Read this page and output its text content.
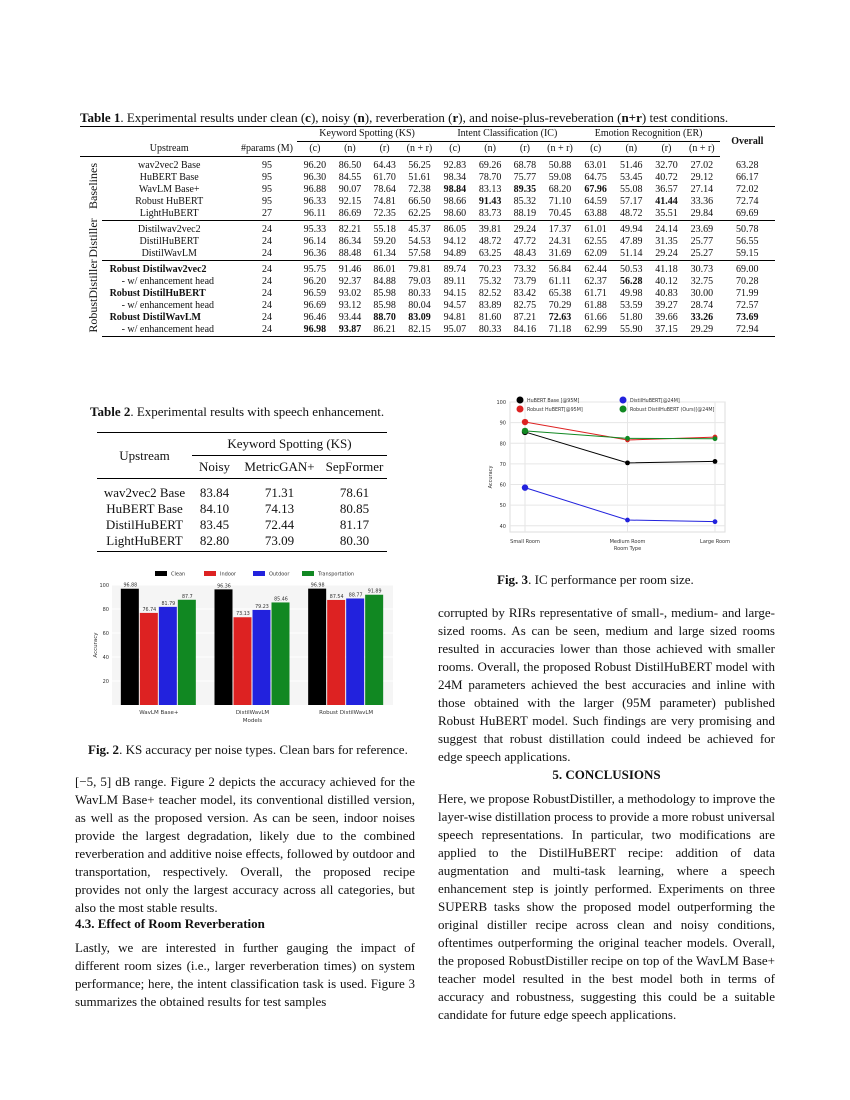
Table 1. Experimental results under clean (c), noisy (n), reverberation (r), and noise-plus-reveberation (n+r) test conditions.
			Keyword Spotting (KS)				Intent Classification (IC)				Emotion Recognition (ER)				Overall
	Upstream	#params (M)	(c)	(n)	(r)	(n + r)	(c)	(n)	(r)	(n + r)	(c)	(n)	(r)	(n + r)	

Baselines	wav2vec2 Base	95	96.20	86.50	64.43	56.25	92.83	69.26	68.78	50.88	63.01	51.46	32.70	27.02	63.28
	HuBERT Base	95	96.30	84.55	61.70	51.61	98.34	78.70	75.77	59.08	64.75	53.45	40.72	29.12	66.17
	WavLM Base+	95	96.88	90.07	78.64	72.38	98.84	83.13	89.35	68.20	67.96	55.08	36.57	27.14	72.02
	Robust HuBERT	95	96.33	92.15	74.81	66.50	98.66	91.43	85.32	71.10	64.59	57.17	41.44	33.36	72.74
	LightHuBERT	27	96.11	86.69	72.35	62.25	98.60	83.73	88.19	70.45	63.88	48.72	35.51	29.84	69.69

Distiller	Distilwav2vec2	24	95.33	82.21	55.18	45.37	86.05	39.81	29.24	17.37	61.01	49.94	24.14	23.69	50.78
	DistilHuBERT	24	96.14	86.34	59.20	54.53	94.12	48.72	47.72	24.31	62.55	47.89	31.35	25.77	56.55
	DistilWavLM	24	96.36	88.48	61.34	57.58	94.89	63.25	48.43	31.69	62.09	51.14	29.24	25.27	59.15

RobustDistiller	Robust Distilwav2vec2	24	95.75	91.46	86.01	79.81	89.74	70.23	73.32	56.84	62.44	50.53	41.18	30.73	69.00
	- w/ enhancement head	24	96.20	92.37	84.88	79.03	89.11	75.32	73.79	61.11	62.37	56.28	40.12	32.75	70.28
	Robust DistilHuBERT	24	96.59	93.02	85.98	80.33	94.15	82.52	83.42	65.38	61.71	49.98	40.83	30.00	71.99
	- w/ enhancement head	24	96.69	93.12	85.98	80.04	94.57	83.89	82.75	70.29	61.88	53.59	39.27	28.74	72.57
	Robust DistilWavLM	24	96.46	93.44	88.70	83.09	94.81	81.60	87.21	72.63	61.66	51.80	39.66	33.26	73.69
	- w/ enhancement head	24	96.98	93.87	86.21	82.15	95.07	80.33	84.16	71.18	62.99	55.90	37.15	29.29	72.94
Table 2. Experimental results with speech enhancement.
Upstream	Keyword Spotting (KS)		
	Noisy	MetricGAN+	SepFormer
wav2vec2 Base	83.84	71.31	78.61
HuBERT Base	84.10	74.13	80.85
DistilHuBERT	83.45	72.44	81.17
LightHuBERT	82.80	73.09	80.30
20
40
60
80
100
Clean	Indoor	Outdoor	Transportation
96.88
76.74
81.79
87.7
WavLM Base+
96.36
73.13
79.23
85.46
DistilWavLM
96.98
87.54 88.77
91.89
Robust DistilWavLM
Models
Accuracy
Fig. 2. KS accuracy per noise types. Clean bars for reference.
40
50
60
70
80
90
100	HuBERT Base [@95M]
Robust HuBERT[@95M]
DistilHuBERT[@24M]
Robust DistilHuBERT (Ours)[@24M]
Small Room	Medium Room	Large Room
Room Type
Accuracy
Fig. 3. IC performance per room size.
[−5, 5] dB range. Figure 2 depicts the accuracy achieved for the WavLM Base+ teacher model, its conventional distilled version, as well as the proposed version. As can be seen, indoor noises provide the largest degradation, likely due to the combined reverberation and additive noise effects, followed by outdoor and transportation, respectively. Overall, the proposed recipe provides not only the largest accuracy across all categories, but also the most stable results.
4.3. Effect of Room Reverberation
Lastly, we are interested in further gauging the impact of different room sizes (i.e., larger reverberation times) on system performance; here, the intent classification task is used. Figure 3 summarizes the obtained results for test samples
corrupted by RIRs representative of small-, medium- and large-sized rooms. As can be seen, medium and large sized rooms resulted in accuracies lower than those achieved with smaller rooms. Overall, the proposed Robust DistilHuBERT model with 24M parameters achieved the best accuracies and inline with those obtained with the larger (95M parameter) published Robust HuBERT model. Such findings are very promising and suggest that robust distillation could indeed be achieved for edge speech applications.
5. CONCLUSIONS
Here, we propose RobustDistiller, a methodology to improve the layer-wise distillation process to provide a more robust universal speech representations. In particular, two modifications are applied to the DistilHuBERT recipe: addition of data augmentation and multi-task learning, where a speech enhancement step is jointly performed. Experiments on three SUPERB tasks show the proposed model outperforming the original distiller recipe across clean and noisy conditions, oftentimes outperforming the original teacher models. Overall, the proposed RobustDistiller recipe on top of the WavLM Base+ teacher model resulted in the best model both in terms of accuracy and robustness, suggesting this could be a suitable candidate for future edge speech applications.
